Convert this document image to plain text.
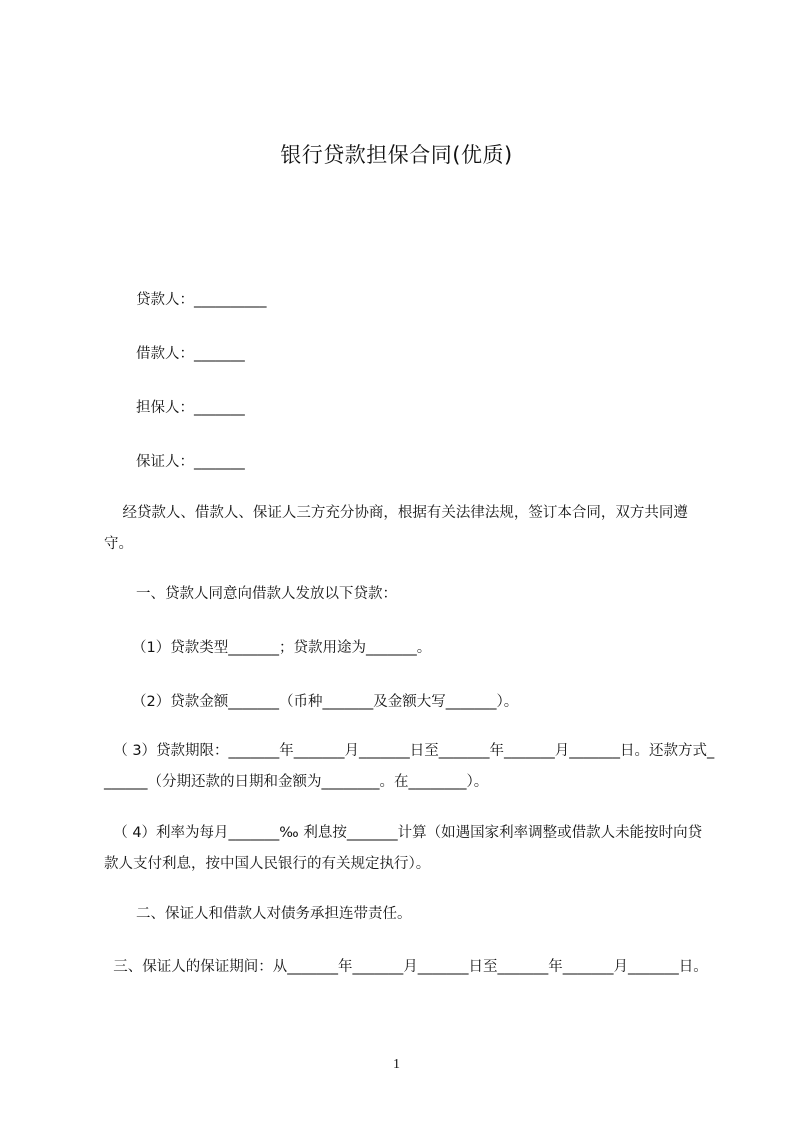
银行贷款担保合同(优质)
贷款人：__________
借款人：_______
担保人：_______
保证人：_______
经贷款人、借款人、保证人三方充分协商，根据有关法律法规，签订本合同，双方共同遵守。
一、贷款人同意向借款人发放以下贷款：
（1）贷款类型_______；贷款用途为_______。
（2）贷款金额_______（币种_______及金额大写_______）。
（ 3）贷款期限：_______年_______月_______日至_______年_______月_______日。还款方式_______（分期还款的日期和金额为________。在________）。
（ 4）利率为每月_______‰ 利息按_______计算（如遇国家利率调整或借款人未能按时向贷款人支付利息，按中国人民银行的有关规定执行）。
二、保证人和借款人对债务承担连带责任。
三、保证人的保证期间：从_______年_______月_______日至_______年_______月_______日。
1
